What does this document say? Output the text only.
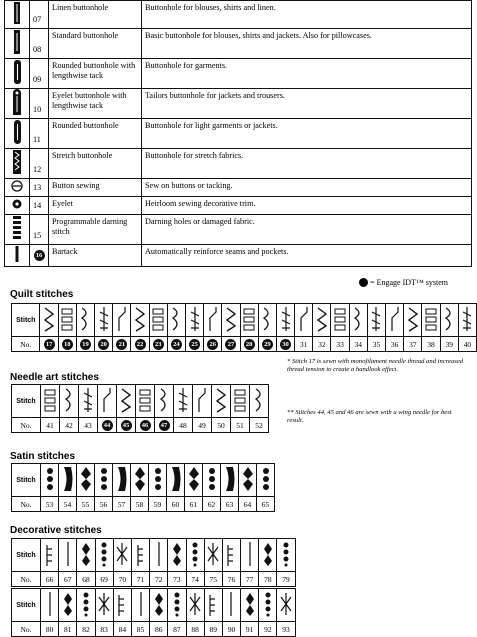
	07	Linen buttonhole	Buttonhole for blouses, shirts and linen.
	08	Standard buttonhole	Basic buttonhole for blouses, shirts and jackets. Also for pillowcases.
	09	Rounded buttonhole with lengthwise tack	Buttonhole for garments.
	10	Eyelet buttonhole with lengthwise tack	Tailors buttonhole for jackets and trousers.
	11	Rounded buttonhole	Buttonhole for light garments or jackets.
	12	Stretch buttonhole	Buttonhole for stretch fabrics.
	13	Button sewing	Sew on buttons or tacking.
	14	Eyelet	Heirloom sewing decorative trim.
	15	Programmable darning stitch	Darning holes or damaged fabric.
	16	Bartack	Automatically reinforce seams and pockets.
= Engage IDT™ system
Quilt stitches
Stitch																								
No.	17	18	19	20	21	22	23	24	25	26	27	28	29	30	31	32	33	34	35	36	37	38	39	40
* Stitch 17 is sewn with monofilament needle thread and increased thread tension to create a handlook effect.
Needle art stitches
Stitch												
No.	41	42	43	44	45	46	47	48	49	50	51	52
** Stitches 44, 45 and 46 are sewn with a wing needle for best result.
Satin stitches
Stitch													
No.	53	54	55	56	57	58	59	60	61	62	63	64	65
Decorative stitches
Stitch														
No.	66	67	68	69	70	71	72	73	74	75	76	77	78	79
Stitch														
No.	80	81	82	83	84	85	86	87	88	89	90	91	92	93
